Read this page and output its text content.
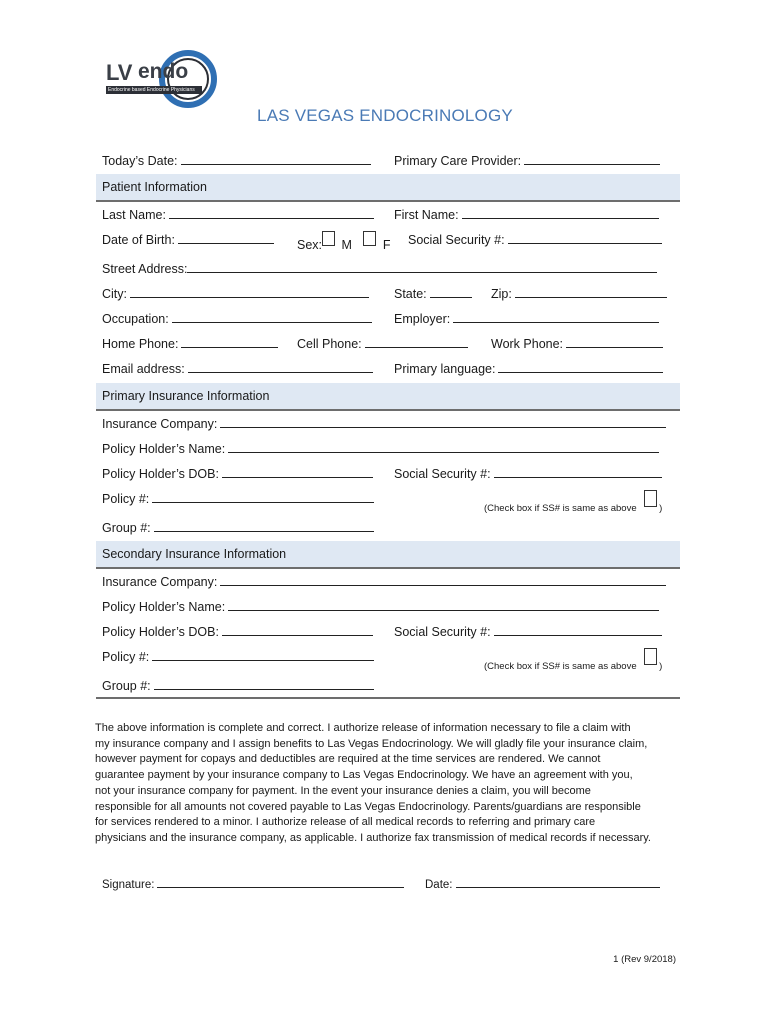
LV endo
Endocrine based Endocrine Physicians
LAS VEGAS ENDOCRINOLOGY
Today’s Date:	Primary Care Provider:
Patient Information
Last Name:	First Name:
Date of Birth:	Sex: M F Social Security #:
Street Address:
City:	State:	Zip:
Occupation:	Employer:
Home Phone:	Cell Phone:	Work Phone:
Email address:	Primary language:
Primary Insurance Information
Insurance Company:
Policy Holder’s Name:
Policy Holder’s DOB:	Social Security #:
Policy #:
$_{(Check box if SS\# is same as above}$ $_)$
Group #:
Secondary Insurance Information
Insurance Company:
Policy Holder’s Name:
Policy Holder’s DOB:	Social Security #:
Policy #:
$_{(Check box if SS\# is same as above}$ $_)$
Group #:
The above information is complete and correct. I authorize release of information necessary to file a claim with
my insurance company and I assign benefits to Las Vegas Endocrinology. We will gladly file your insurance claim,
however payment for copays and deductibles are required at the time services are rendered. We cannot
guarantee payment by your insurance company to Las Vegas Endocrinology. We have an agreement with you,
not your insurance company for payment. In the event your insurance denies a claim, you will become
responsible for all amounts not covered payable to Las Vegas Endocrinology. Parents/guardians are responsible
for services rendered to a minor. I authorize release of all medical records to referring and primary care
physicians and the insurance company, as applicable. I authorize fax transmission of medical records if necessary.
Signature:	Date:
1 (Rev 9/2018)
